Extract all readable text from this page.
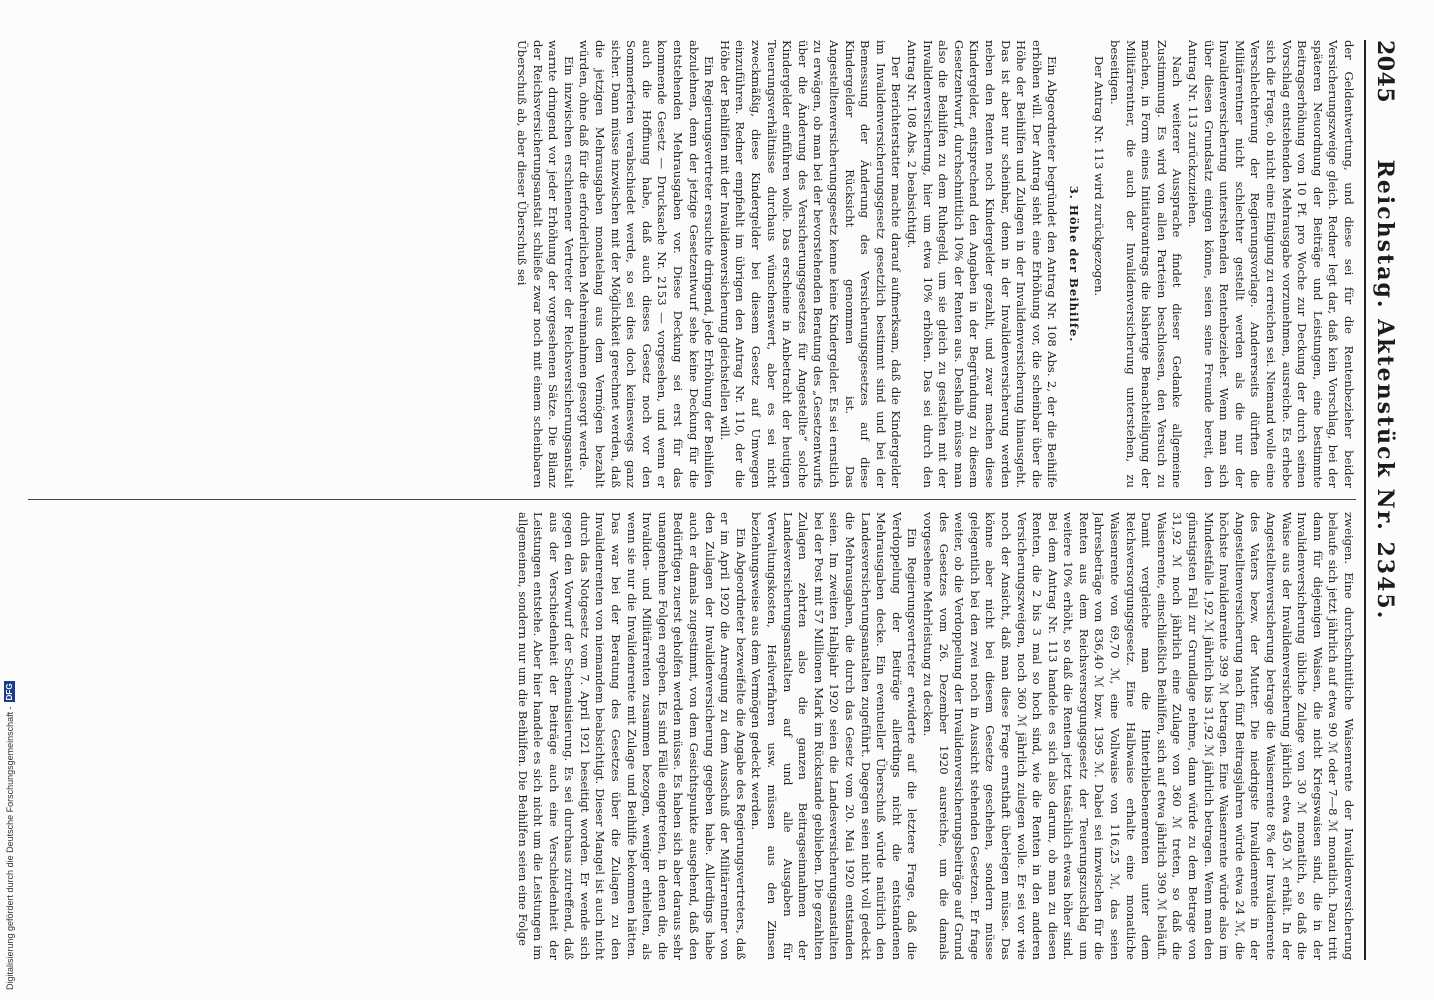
2045
Reichstag. Aktenstück Nr. 2345.

der Geldentwertung, und diese sei für die Rentenbezieher beider Versicherungszweige gleich. Redner legt dar, daß kein Vorschlag, bei der späteren Neuordnung der Beiträge und Leistungen, eine bestimmte Beitragserhöhung von 10 Pf. pro Woche zur Deckung der durch seinen Vorschlag entstehenden Mehrausgabe vorzunehmen, ausreiche. Es erhebe sich die Frage, ob nicht eine Einigung zu erreichen sei. Niemand wolle eine Verschlechterung der Regierungsvorlage. Andererseits dürften die Militärrentner nicht schlechter gestellt werden als die nur der Invalidenversicherung unterstehenden Rentenbezieher. Wenn man sich über diesen Grundsatz einigen könne, seien seine Freunde bereit, den Antrag Nr. 113 zurückzuziehen.

Nach weiterer Aussprache findet dieser Gedanke allgemeine Zustimmung. Es wird von allen Parteien beschlossen, den Versuch zu machen, in Form eines Initiativantrags die bisherige Benachteiligung der Militärrentner, die auch der Invalidenversicherung unterstehen, zu beseitigen.

Der Antrag Nr. 113 wird zurückgezogen.

3. Höhe der Beihilfe.

Ein Abgeordneter begründet den Antrag Nr. 108 Abs. 2, der die Beihilfe erhöhen will. Der Antrag sieht eine Erhöhung vor, die scheinbar über die Höhe der Beihilfen und Zulagen in der Invalidenversicherung hinausgeht. Das ist aber nur scheinbar, denn in der Invalidenversicherung werden neben den Renten noch Kindergelder gezahlt, und zwar machen diese Kindergelder, entsprechend den Angaben in der Begründung zu diesem Gesetzentwurf, durchschnittlich 10% der Renten aus. Deshalb müsse man also die Beihilfen zu dem Ruhegeld, um sie gleich zu gestalten mit der Invalidenversicherung, hier um etwa 10% erhöhen. Das sei durch den Antrag Nr. 108 Abs. 2 beabsichtigt.

Der Berichterstatter machte darauf aufmerksam, daß die Kindergelder im Invalidenversicherungsgesetz gesetzlich bestimmt sind und bei der Bemessung der Änderung des Versicherungsgesetzes auf diese Kindergelder Rücksicht genommen ist. Das Angestelltenversicherungsgesetz kenne keine Kindergelder. Es sei ernstlich zu erwägen, ob man bei der bevorstehenden Beratung des „Gesetzentwurfs über die Änderung des Versicherungsgesetzes für Angestellte“ solche Kindergelder einführen wolle. Das erscheine in Anbetracht der heutigen Teuerungsverhältnisse durchaus wünschenswert, aber es sei nicht zweckmäßig, diese Kindergelder bei diesem Gesetz auf Umwegen einzuführen. Redner empfiehlt im übrigen den Antrag Nr. 110, der die Höhe der Beihilfen mit der Invalidenversicherung gleichstellen will.

Ein Regierungsvertreter ersuchte dringend, jede Erhöhung der Beihilfen abzulehnen, denn der jetzige Gesetzentwurf sehe keine Deckung für die entstehenden Mehrausgaben vor. Diese Deckung sei erst für das kommende Gesetz — Drucksache Nr. 2153 — vorgesehen, und wenn er auch die Hoffnung habe, daß auch dieses Gesetz noch vor den Sommerferien verabschiedet werde, so sei dies doch keineswegs ganz sicher. Dann müsse inzwischen mit der Möglichkeit gerechnet werden, daß die jetzigen Mehrausgaben monatelang aus dem Vermögen bezahlt würden, ohne daß für die erforderlichen Mehreinnahmen gesorgt werde.

Ein inzwischen erschienener Vertreter der Reichsversicherungsanstalt warnte dringend vor jeder Erhöhung der vorgesehenen Sätze. Die Bilanz der Reichsversicherungsanstalt schließe zwar noch mit einem scheinbaren Überschuß ab, aber dieser Überschuß sei

zweigen. Eine durchschnittliche Waisenrente der Invalidenversicherung belaufe sich jetzt jährlich auf etwa 90 ℳ oder 7—8 ℳ monatlich. Dazu tritt dann für diejenigen Waisen, die nicht Kriegswaisen sind, die in der Invalidenversicherung übliche Zulage von 30 ℳ monatlich, so daß die Waise aus der Invalidenversicherung jährlich etwa 450 ℳ erhält. In der Angestelltenversicherung betrage die Waisenrente 8% der Invalidenrente des Vaters bezw. der Mutter. Die niedrigste Invalidenrente in der Angestelltenversicherung nach fünf Beitragsjahren würde etwa 24 ℳ, die höchste Invalidenrente 399 ℳ betragen. Eine Waisenrente würde also im Mindestfalle 1,92 ℳ jährlich bis 31,92 ℳ jährlich betragen. Wenn man den günstigsten Fall zur Grundlage nehme, dann würde zu dem Betrage von 31,92 ℳ noch jährlich eine Zulage von 360 ℳ treten, so daß die Waisenrente, einschließlich Beihilfen, sich auf etwa jährlich 390 ℳ beläuft. Damit vergleiche man die Hinterbliebenenrenten unter dem Reichsversorgungsgesetz. Eine Halbwaise erhalte eine monatliche Waisenrente von 69,70 ℳ, eine Vollwaise von 116,25 ℳ, das seien Jahresbeträge von 836,40 ℳ bzw. 1395 ℳ. Dabei sei inzwischen für die Renten aus dem Reichsversorgungsgesetz der Teuerungszuschlag um weitere 10% erhöht, so daß die Renten jetzt tatsächlich etwas höher sind. Bei dem Antrag Nr. 113 handele es sich also darum, ob man zu diesen Renten, die 2 bis 3 mal so hoch sind, wie die Renten in den anderen Versicherungszweigen, noch 360 ℳ jährlich zulegen wolle. Er sei vor wie noch der Ansicht, daß man diese Frage ernsthaft überlegen müsse. Das könne aber nicht bei diesem Gesetze geschehen, sondern müsse gelegentlich bei den zwei noch in Aussicht stehenden Gesetzen. Er frage weiter, ob die Verdoppelung der Invalidenversicherungsbeiträge auf Grund des Gesetzes vom 26. Dezember 1920 ausreiche, um die damals vorgesehene Mehrleistung zu decken.

Ein Regierungsvertreter erwiderte auf die letztere Frage, daß die Verdoppelung der Beiträge allerdings nicht die entstandenen Mehrausgaben decke. Ein eventueller Überschuß würde natürlich den Landesversicherungsanstalten zugeführt. Dagegen seien nicht voll gedeckt die Mehrausgaben, die durch das Gesetz vom 20. Mai 1920 entstanden seien. Im zweiten Halbjahr 1920 seien die Landesversicherungsanstalten bei der Post mit 57 Millionen Mark im Rückstande geblieben. Die gezahlten Zulagen zehrten also die ganzen Beitragseinnahmen der Landesversicherungsanstalten auf und alle Ausgaben für Verwaltungskosten, Heilverfahren usw. müssen aus den Zinsen beziehungsweise aus dem Vermögen gedeckt werden.

Ein Abgeordneter bezweifelte die Angabe des Regierungsvertreters, daß er im April 1920 die Anregung zu dem Ausschuß der Militärrentner von den Zulagen der Invalidenversicherung gegeben habe. Allerdings habe auch er damals zugestimmt, von dem Gesichtspunkte ausgehend, daß den Bedürftigen zuerst geholfen werden müsse. Es haben sich aber daraus sehr unangenehme Folgen ergeben. Es sind Fälle eingetreten, in denen die, die Invaliden- und Militärrenten zusammen bezogen, weniger erhielten, als wenn sie nur die Invalidenrente mit Zulage und Beihilfe bekommen hätten. Das war bei der Beratung des Gesetzes über die Zulagen zu den Invalidenrenten von niemandem beabsichtigt. Dieser Mangel ist auch nicht durch das Notgesetz vom 7. April 1921 beseitigt worden. Er wende sich gegen den Vorwurf der Schematisierung. Es sei durchaus zutreffend, daß aus der Verschiedenheit der Beiträge auch eine Verschiedenheit der Leistungen entstehe. Aber hier handele es sich nicht um die Leistungen im allgemeinen, sondern nur um die Beihilfen. Die Beihilfen seien eine Folge

Digitalisierung gefördert durch die Deutsche Forschungsgemeinschaft -
DFG
